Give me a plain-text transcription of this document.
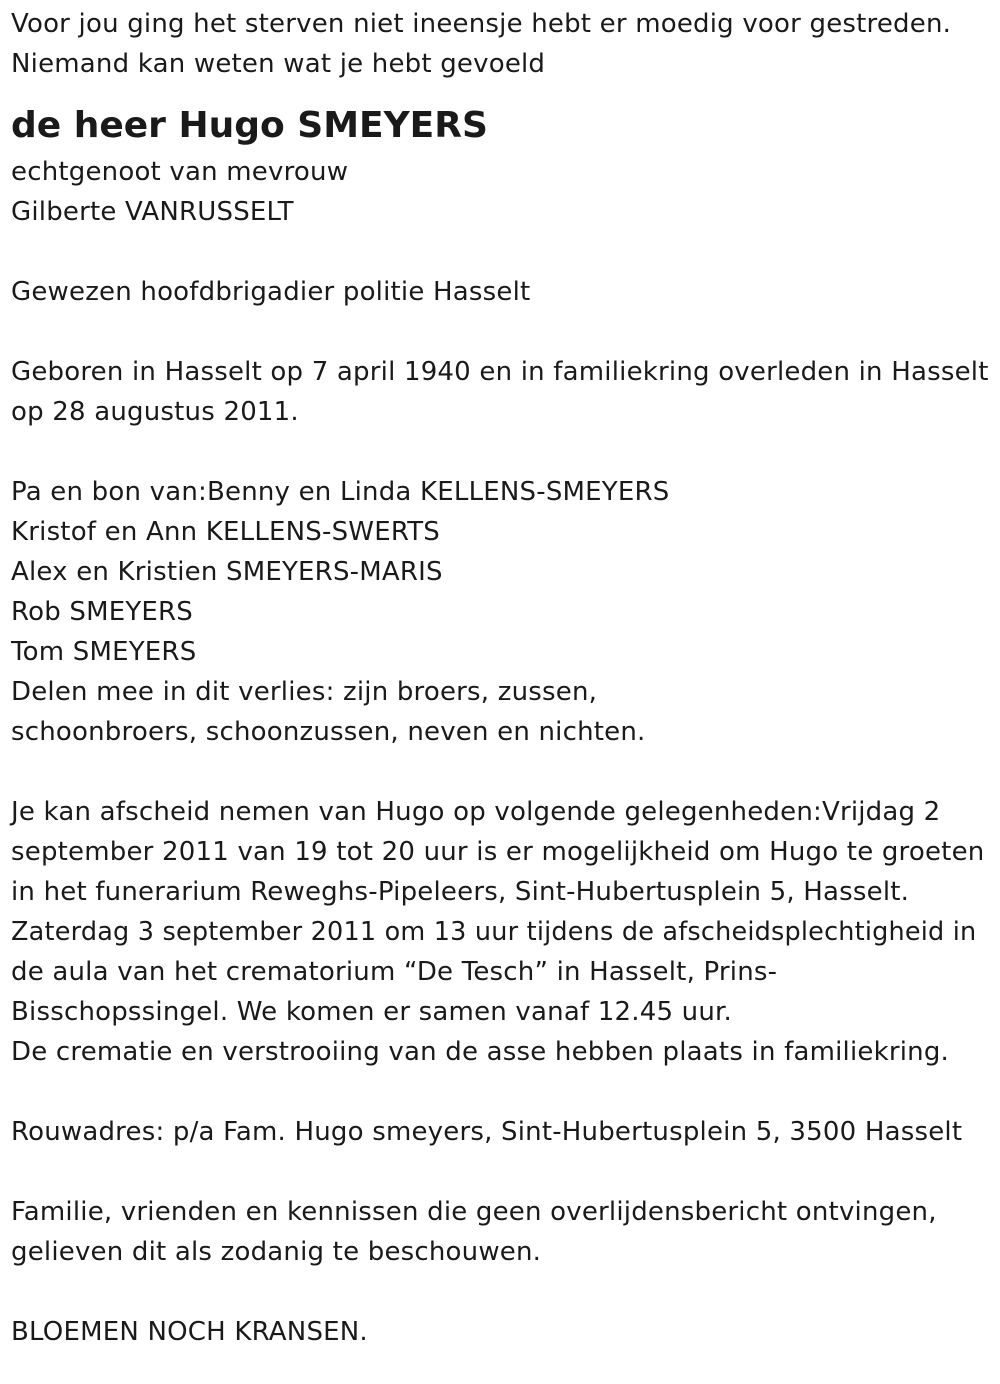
Voor jou ging het sterven niet ineensje hebt er moedig voor gestreden.

Niemand kan weten wat je hebt gevoeld

de heer Hugo SMEYERS

echtgenoot van mevrouw

Gilberte VANRUSSELT

Gewezen hoofdbrigadier politie Hasselt

Geboren in Hasselt op 7 april 1940 en in familiekring overleden in Hasselt

op 28 augustus 2011.

Pa en bon van:Benny en Linda KELLENS-SMEYERS

Kristof en Ann KELLENS-SWERTS

Alex en Kristien SMEYERS-MARIS

Rob SMEYERS

Tom SMEYERS

Delen mee in dit verlies: zijn broers, zussen,

schoonbroers, schoonzussen, neven en nichten.

Je kan afscheid nemen van Hugo op volgende gelegenheden:Vrijdag 2

september 2011 van 19 tot 20 uur is er mogelijkheid om Hugo te groeten

in het funerarium Reweghs-Pipeleers, Sint-Hubertusplein 5, Hasselt.

Zaterdag 3 september 2011 om 13 uur tijdens de afscheidsplechtigheid in

de aula van het crematorium “De Tesch” in Hasselt, Prins-

Bisschopssingel. We komen er samen vanaf 12.45 uur.

De crematie en verstrooiing van de asse hebben plaats in familiekring.

Rouwadres: p/a Fam. Hugo smeyers, Sint-Hubertusplein 5, 3500 Hasselt

Familie, vrienden en kennissen die geen overlijdensbericht ontvingen,

gelieven dit als zodanig te beschouwen.

BLOEMEN NOCH KRANSEN.
